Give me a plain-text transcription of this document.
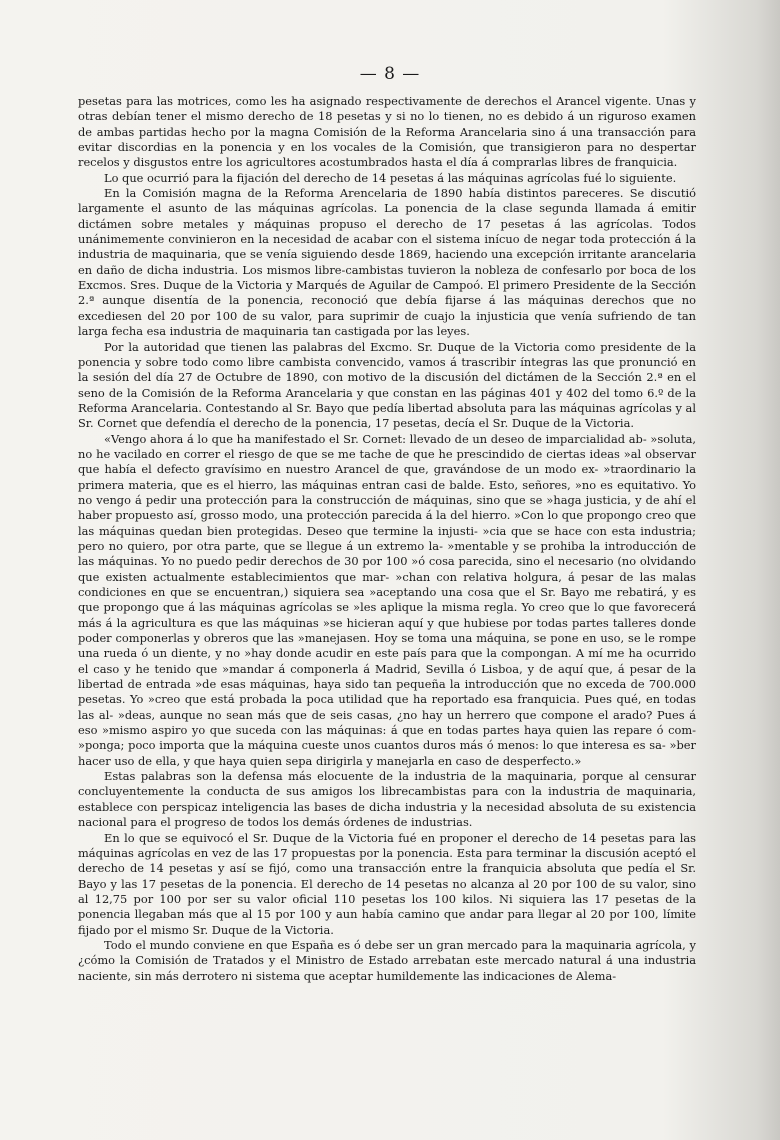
— 8 —

pesetas para las motrices, como les ha asignado respectivamente de derechos el Arancel vigente. Unas y otras debían tener el mismo derecho de 18 pesetas y si no lo tienen, no es debido á un riguroso examen de ambas partidas hecho por la magna Comisión de la Reforma Arancelaria sino á una transacción para evitar discordias en la ponencia y en los vocales de la Comisión, que transigieron para no despertar recelos y disgustos entre los agricultores acostumbrados hasta el día á comprarlas libres de franquicia.

Lo que ocurrió para la fijación del derecho de 14 pesetas á las máquinas agrícolas fué lo siguiente.

En la Comisión magna de la Reforma Arencelaria de 1890 había distintos pareceres. Se discutió largamente el asunto de las máquinas agrícolas. La ponencia de la clase segunda llamada á emitir dictámen sobre metales y máquinas propuso el derecho de 17 pesetas á las agrícolas. Todos unánimemente convinieron en la necesidad de acabar con el sistema inícuo de negar toda protección á la industria de maquinaria, que se venía siguiendo desde 1869, haciendo una excepción irritante arancelaria en daño de dicha industria. Los mismos libre-cambistas tuvieron la nobleza de confesarlo por boca de los Excmos. Sres. Duque de la Victoria y Marqués de Aguilar de Campoó. El primero Presidente de la Sección 2.ª aunque disentía de la ponencia, reconoció que debía fijarse á las máquinas derechos que no excediesen del 20 por 100 de su valor, para suprimir de cuajo la injusticia que venía sufriendo de tan larga fecha esa industria de maquinaria tan castigada por las leyes.

Por la autoridad que tienen las palabras del Excmo. Sr. Duque de la Victoria como presidente de la ponencia y sobre todo como libre cambista convencido, vamos á trascribir íntegras las que pronunció en la sesión del día 27 de Octubre de 1890, con motivo de la discusión del dictámen de la Sección 2.ª en el seno de la Comisión de la Reforma Arancelaria y que constan en las páginas 401 y 402 del tomo 6.º de la Reforma Arancelaria. Contestando al Sr. Bayo que pedía libertad absoluta para las máquinas agrícolas y al Sr. Cornet que defendía el derecho de la ponencia, 17 pesetas, decía el Sr. Duque de la Victoria.

«Vengo ahora á lo que ha manifestado el Sr. Cornet: llevado de un deseo de imparcialidad ab- »soluta, no he vacilado en correr el riesgo de que se me tache de que he prescindido de ciertas ideas »al observar que había el defecto gravísimo en nuestro Arancel de que, gravándose de un modo ex- »traordinario la primera materia, que es el hierro, las máquinas entran casi de balde. Esto, señores, »no es equitativo. Yo no vengo á pedir una protección para la construcción de máquinas, sino que se »haga justicia, y de ahí el haber propuesto así, grosso modo, una protección parecida á la del hierro. »Con lo que propongo creo que las máquinas quedan bien protegidas. Deseo que termine la injusti- »cia que se hace con esta industria; pero no quiero, por otra parte, que se llegue á un extremo la- »mentable y se prohiba la introducción de las máquinas. Yo no puedo pedir derechos de 30 por 100 »ó cosa parecida, sino el necesario (no olvidando que existen actualmente establecimientos que mar- »chan con relativa holgura, á pesar de las malas condiciones en que se encuentran,) siquiera sea »aceptando una cosa que el Sr. Bayo me rebatirá, y es que propongo que á las máquinas agrícolas se »les aplique la misma regla. Yo creo que lo que favorecerá más á la agricultura es que las máquinas »se hicieran aquí y que hubiese por todas partes talleres donde poder componerlas y obreros que las »manejasen. Hoy se toma una máquina, se pone en uso, se le rompe una rueda ó un diente, y no »hay donde acudir en este país para que la compongan. A mí me ha ocurrido el caso y he tenido que »mandar á componerla á Madrid, Sevilla ó Lisboa, y de aquí que, á pesar de la libertad de entrada »de esas máquinas, haya sido tan pequeña la introducción que no exceda de 700.000 pesetas. Yo »creo que está probada la poca utilidad que ha reportado esa franquicia. Pues qué, en todas las al- »deas, aunque no sean más que de seis casas, ¿no hay un herrero que compone el arado? Pues á eso »mismo aspiro yo que suceda con las máquinas: á que en todas partes haya quien las repare ó com- »ponga; poco importa que la máquina cueste unos cuantos duros más ó menos: lo que interesa es sa- »ber hacer uso de ella, y que haya quien sepa dirigirla y manejarla en caso de desperfecto.»

Estas palabras son la defensa más elocuente de la industria de la maquinaria, porque al censurar concluyentemente la conducta de sus amigos los librecambistas para con la industria de maquinaria, establece con perspicaz inteligencia las bases de dicha industria y la necesidad absoluta de su existencia nacional para el progreso de todos los demás órdenes de industrias.

En lo que se equivocó el Sr. Duque de la Victoria fué en proponer el derecho de 14 pesetas para las máquinas agrícolas en vez de las 17 propuestas por la ponencia. Esta para terminar la discusión aceptó el derecho de 14 pesetas y así se fijó, como una transacción entre la franquicia absoluta que pedía el Sr. Bayo y las 17 pesetas de la ponencia. El derecho de 14 pesetas no alcanza al 20 por 100 de su valor, sino al 12,75 por 100 por ser su valor oficial 110 pesetas los 100 kilos. Ni siquiera las 17 pesetas de la ponencia llegaban más que al 15 por 100 y aun había camino que andar para llegar al 20 por 100, límite fijado por el mismo Sr. Duque de la Victoria.

Todo el mundo conviene en que España es ó debe ser un gran mercado para la maquinaria agrícola, y ¿cómo la Comisión de Tratados y el Ministro de Estado arrebatan este mercado natural á una industria naciente, sin más derrotero ni sistema que aceptar humildemente las indicaciones de Alema-
